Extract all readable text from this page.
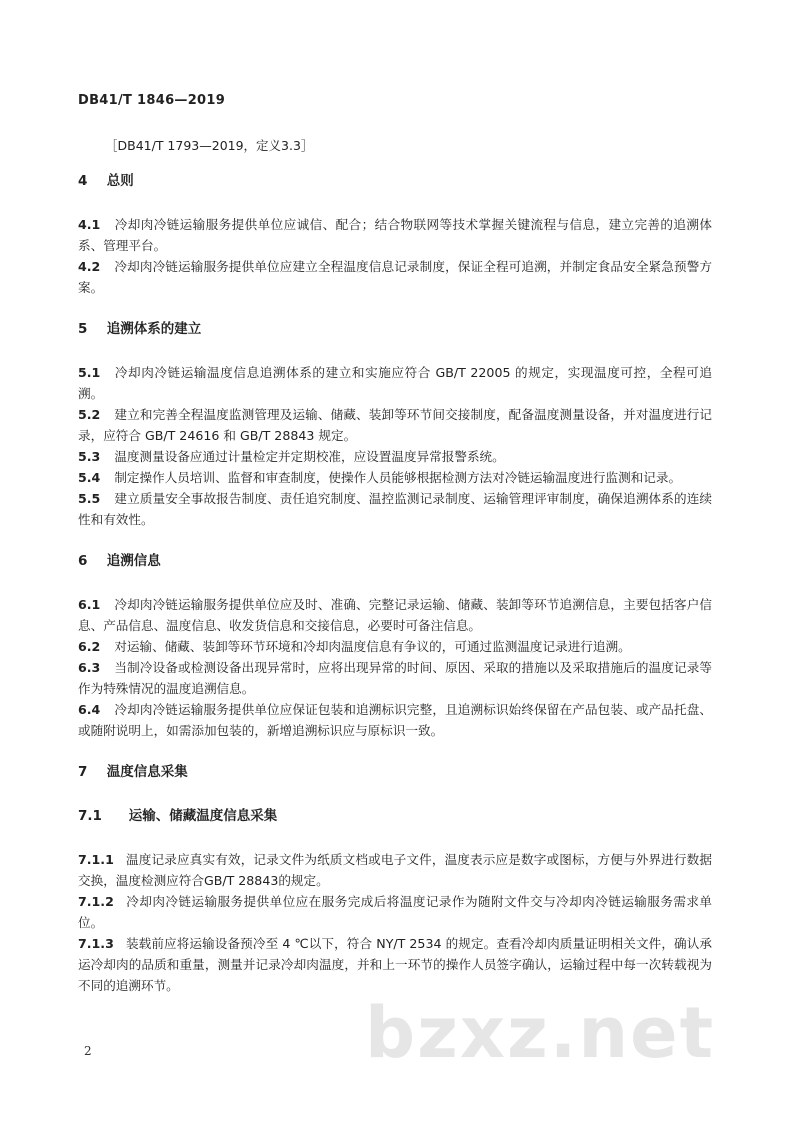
DB41/T 1846—2019
［DB41/T 1793—2019，定义3.3］
4 总则

4.1 冷却肉冷链运输服务提供单位应诚信、配合；结合物联网等技术掌握关键流程与信息，建立完善的追溯体系、管理平台。

4.2 冷却肉冷链运输服务提供单位应建立全程温度信息记录制度，保证全程可追溯，并制定食品安全紧急预警方案。

5 追溯体系的建立

5.1 冷却肉冷链运输温度信息追溯体系的建立和实施应符合 GB/T 22005 的规定，实现温度可控，全程可追溯。

5.2 建立和完善全程温度监测管理及运输、储藏、装卸等环节间交接制度，配备温度测量设备，并对温度进行记录，应符合 GB/T 24616 和 GB/T 28843 规定。

5.3 温度测量设备应通过计量检定并定期校准，应设置温度异常报警系统。

5.4 制定操作人员培训、监督和审查制度，使操作人员能够根据检测方法对冷链运输温度进行监测和记录。

5.5 建立质量安全事故报告制度、责任追究制度、温控监测记录制度、运输管理评审制度，确保追溯体系的连续性和有效性。

6 追溯信息

6.1 冷却肉冷链运输服务提供单位应及时、准确、完整记录运输、储藏、装卸等环节追溯信息，主要包括客户信息、产品信息、温度信息、收发货信息和交接信息，必要时可备注信息。

6.2 对运输、储藏、装卸等环节环境和冷却肉温度信息有争议的，可通过监测温度记录进行追溯。

6.3 当制冷设备或检测设备出现异常时，应将出现异常的时间、原因、采取的措施以及采取措施后的温度记录等作为特殊情况的温度追溯信息。

6.4 冷却肉冷链运输服务提供单位应保证包装和追溯标识完整，且追溯标识始终保留在产品包装、或产品托盘、或随附说明上，如需添加包装的，新增追溯标识应与原标识一致。

7 温度信息采集
7.1 运输、储藏温度信息采集

7.1.1 温度记录应真实有效，记录文件为纸质文档或电子文件，温度表示应是数字或图标，方便与外界进行数据交换，温度检测应符合GB/T 28843的规定。

7.1.2 冷却肉冷链运输服务提供单位应在服务完成后将温度记录作为随附文件交与冷却肉冷链运输服务需求单位。

7.1.3 装载前应将运输设备预冷至 4 ℃以下，符合 NY/T 2534 的规定。查看冷却肉质量证明相关文件，确认承运冷却肉的品质和重量，测量并记录冷却肉温度，并和上一环节的操作人员签字确认，运输过程中每一次转载视为不同的追溯环节。

bzxz.net
2
